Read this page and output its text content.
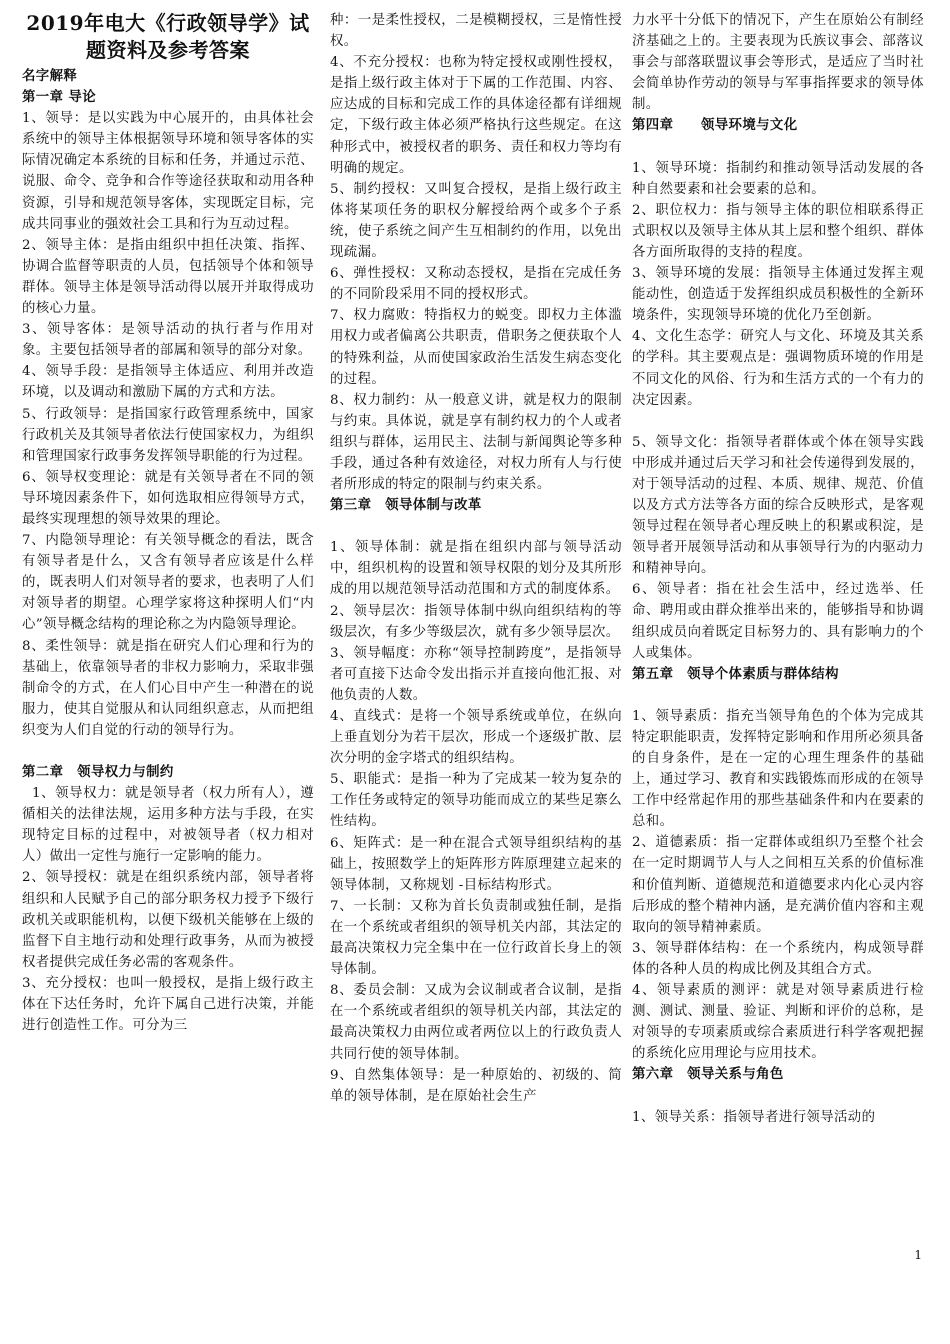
2019年电大《行政领导学》试题资料及参考答案

名字解释

第一章 导论

1、领导：是以实践为中心展开的，由具体社会系统中的领导主体根据领导环境和领导客体的实际情况确定本系统的目标和任务，并通过示范、说服、命令、竞争和合作等途径获取和动用各种资源，引导和规范领导客体，实现既定目标，完成共同事业的强效社会工具和行为互动过程。

2、领导主体：是指由组织中担任决策、指挥、协调合监督等职责的人员，包括领导个体和领导群体。领导主体是领导活动得以展开并取得成功的核心力量。

3、领导客体：是领导活动的执行者与作用对象。主要包括领导者的部属和领导的部分对象。

4、领导手段：是指领导主体适应、利用并改造环境，以及调动和激励下属的方式和方法。

5、行政领导：是指国家行政管理系统中，国家行政机关及其领导者依法行使国家权力，为组织和管理国家行政事务发挥领导职能的行为过程。

6、领导权变理论：就是有关领导者在不同的领导环境因素条件下，如何选取相应得领导方式，最终实现理想的领导效果的理论。

7、内隐领导理论：有关领导概念的看法，既含有领导者是什么，又含有领导者应该是什么样的，既表明人们对领导者的要求，也表明了人们对领导者的期望。心理学家将这种探明人们“内心”领导概念结构的理论称之为内隐领导理论。

8、柔性领导：就是指在研究人们心理和行为的基础上，依靠领导者的非权力影响力，采取非强制命令的方式，在人们心目中产生一种潜在的说服力，使其自觉服从和认同组织意志，从而把组织变为人们自觉的行动的领导行为。

第二章　领导权力与制约

1、领导权力：就是领导者（权力所有人），遵循相关的法律法规，运用多种方法与手段，在实现特定目标的过程中，对被领导者（权力相对人）做出一定性与施行一定影响的能力。

2、领导授权：就是在组织系统内部，领导者将组织和人民赋予自己的部分职务权力授予下级行政机关或职能机构，以便下级机关能够在上级的监督下自主地行动和处理行政事务，从而为被授权者提供完成任务必需的客观条件。

3、充分授权：也叫一般授权，是指上级行政主体在下达任务时，允许下属自己进行决策，并能进行创造性工作。可分为三

种：一是柔性授权，二是模糊授权，三是惰性授权。

4、不充分授权：也称为特定授权或刚性授权，是指上级行政主体对于下属的工作范围、内容、应达成的目标和完成工作的具体途径都有详细规定，下级行政主体必须严格执行这些规定。在这种形式中，被授权者的职务、责任和权力等均有明确的规定。

5、制约授权：又叫复合授权，是指上级行政主体将某项任务的职权分解授给两个或多个子系统，使子系统之间产生互相制约的作用，以免出现疏漏。

6、弹性授权：又称动态授权，是指在完成任务的不同阶段采用不同的授权形式。

7、权力腐败：特指权力的蜕变。即权力主体滥用权力或者偏离公共职责，借职务之便获取个人的特殊利益，从而使国家政治生活发生病态变化的过程。

8、权力制约：从一般意义讲，就是权力的限制与约束。具体说，就是享有制约权力的个人或者组织与群体，运用民主、法制与新闻舆论等多种手段，通过各种有效途径，对权力所有人与行使者所形成的特定的限制与约束关系。

第三章　领导体制与改革

1、领导体制：就是指在组织内部与领导活动中，组织机构的设置和领导权限的划分及其所形成的用以规范领导活动范围和方式的制度体系。

2、领导层次：指领导体制中纵向组织结构的等级层次，有多少等级层次，就有多少领导层次。

3、领导幅度：亦称“领导控制跨度”，是指领导者可直接下达命令发出指示并直接向他汇报、对他负责的人数。

4、直线式：是将一个领导系统或单位，在纵向上垂直划分为若干层次，形成一个逐级扩散、层次分明的金字塔式的组织结构。

5、职能式：是指一种为了完成某一较为复杂的工作任务或特定的领导功能而成立的某些足寨么性结构。

6、矩阵式：是一种在混合式领导组织结构的基础上，按照数学上的矩阵形方阵原理建立起来的领导体制，又称规划 -目标结构形式。

7、一长制：又称为首长负责制或独任制，是指在一个系统或者组织的领导机关内部，其法定的最高决策权力完全集中在一位行政首长身上的领导体制。

8、委员会制：又成为会议制或者合议制，是指在一个系统或者组织的领导机关内部，其法定的最高决策权力由两位或者两位以上的行政负责人共同行使的领导体制。

9、自然集体领导：是一种原始的、初级的、简单的领导体制，是在原始社会生产

力水平十分低下的情况下，产生在原始公有制经济基础之上的。主要表现为氏族议事会、部落议事会与部落联盟议事会等形式，是适应了当时社会简单协作劳动的领导与军事指挥要求的领导体制。

第四章　　领导环境与文化

1、领导环境：指制约和推动领导活动发展的各种自然要素和社会要素的总和。

2、职位权力：指与领导主体的职位相联系得正式职权以及领导主体从其上层和整个组织、群体各方面所取得的支持的程度。

3、领导环境的发展：指领导主体通过发挥主观能动性，创造适于发挥组织成员积极性的全新环境条件，实现领导环境的优化乃至创新。

4、文化生态学：研究人与文化、环境及其关系的学科。其主要观点是：强调物质环境的作用是不同文化的风俗、行为和生活方式的一个有力的决定因素。

5、领导文化：指领导者群体或个体在领导实践中形成并通过后天学习和社会传递得到发展的，对于领导活动的过程、本质、规律、规范、价值以及方式方法等各方面的综合反映形式，是客观领导过程在领导者心理反映上的积累或积淀，是领导者开展领导活动和从事领导行为的内驱动力和精神导向。

6、领导者：指在社会生活中，经过选举、任命、聘用或由群众推举出来的，能够指导和协调组织成员向着既定目标努力的、具有影响力的个人或集体。

第五章　领导个体素质与群体结构

1、领导素质：指充当领导角色的个体为完成其特定职能职责，发挥特定影响和作用所必须具备的自身条件，是在一定的心理生理条件的基础上，通过学习、教育和实践锻炼而形成的在领导工作中经常起作用的那些基础条件和内在要素的总和。

2、道德素质：指一定群体或组织乃至整个社会在一定时期调节人与人之间相互关系的价值标准和价值判断、道德规范和道德要求内化心灵内容后形成的整个精神内涵，是充满价值内容和主观取向的领导精神素质。

3、领导群体结构：在一个系统内，构成领导群体的各种人员的构成比例及其组合方式。

4、领导素质的测评：就是对领导素质进行检测、测试、测量、验证、判断和评价的总称，是对领导的专项素质或综合素质进行科学客观把握的系统化应用理论与应用技术。

第六章　领导关系与角色

1、领导关系：指领导者进行领导活动的

1
